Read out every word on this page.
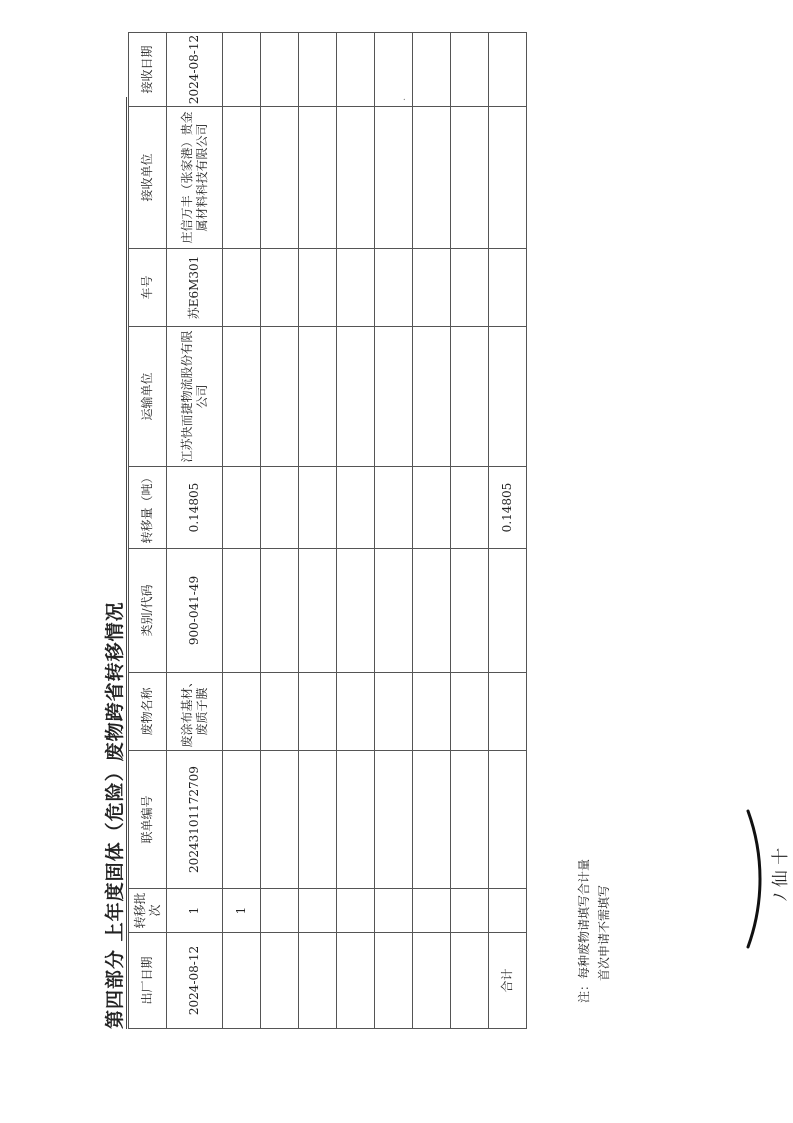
第四部分 上年度固体（危险）废物跨省转移情况 出厂日期	转移批次	联单编号	废物名称	类别/代码	转移量（吨）	运输单位	车号	接收单位	接收日期
2024-08-12	1	20243101172709	废涂布基材、废质子膜	900-041-49	0.14805	江苏快而捷物流股份有限公司	苏E6M301	庄信万丰（张家港）贵金属材料科技有限公司	2024-08-12
	1								

合计					0.14805				
注：每种废物请填写合计量 首次申请不需填写
ﾉ 仙 十
·
